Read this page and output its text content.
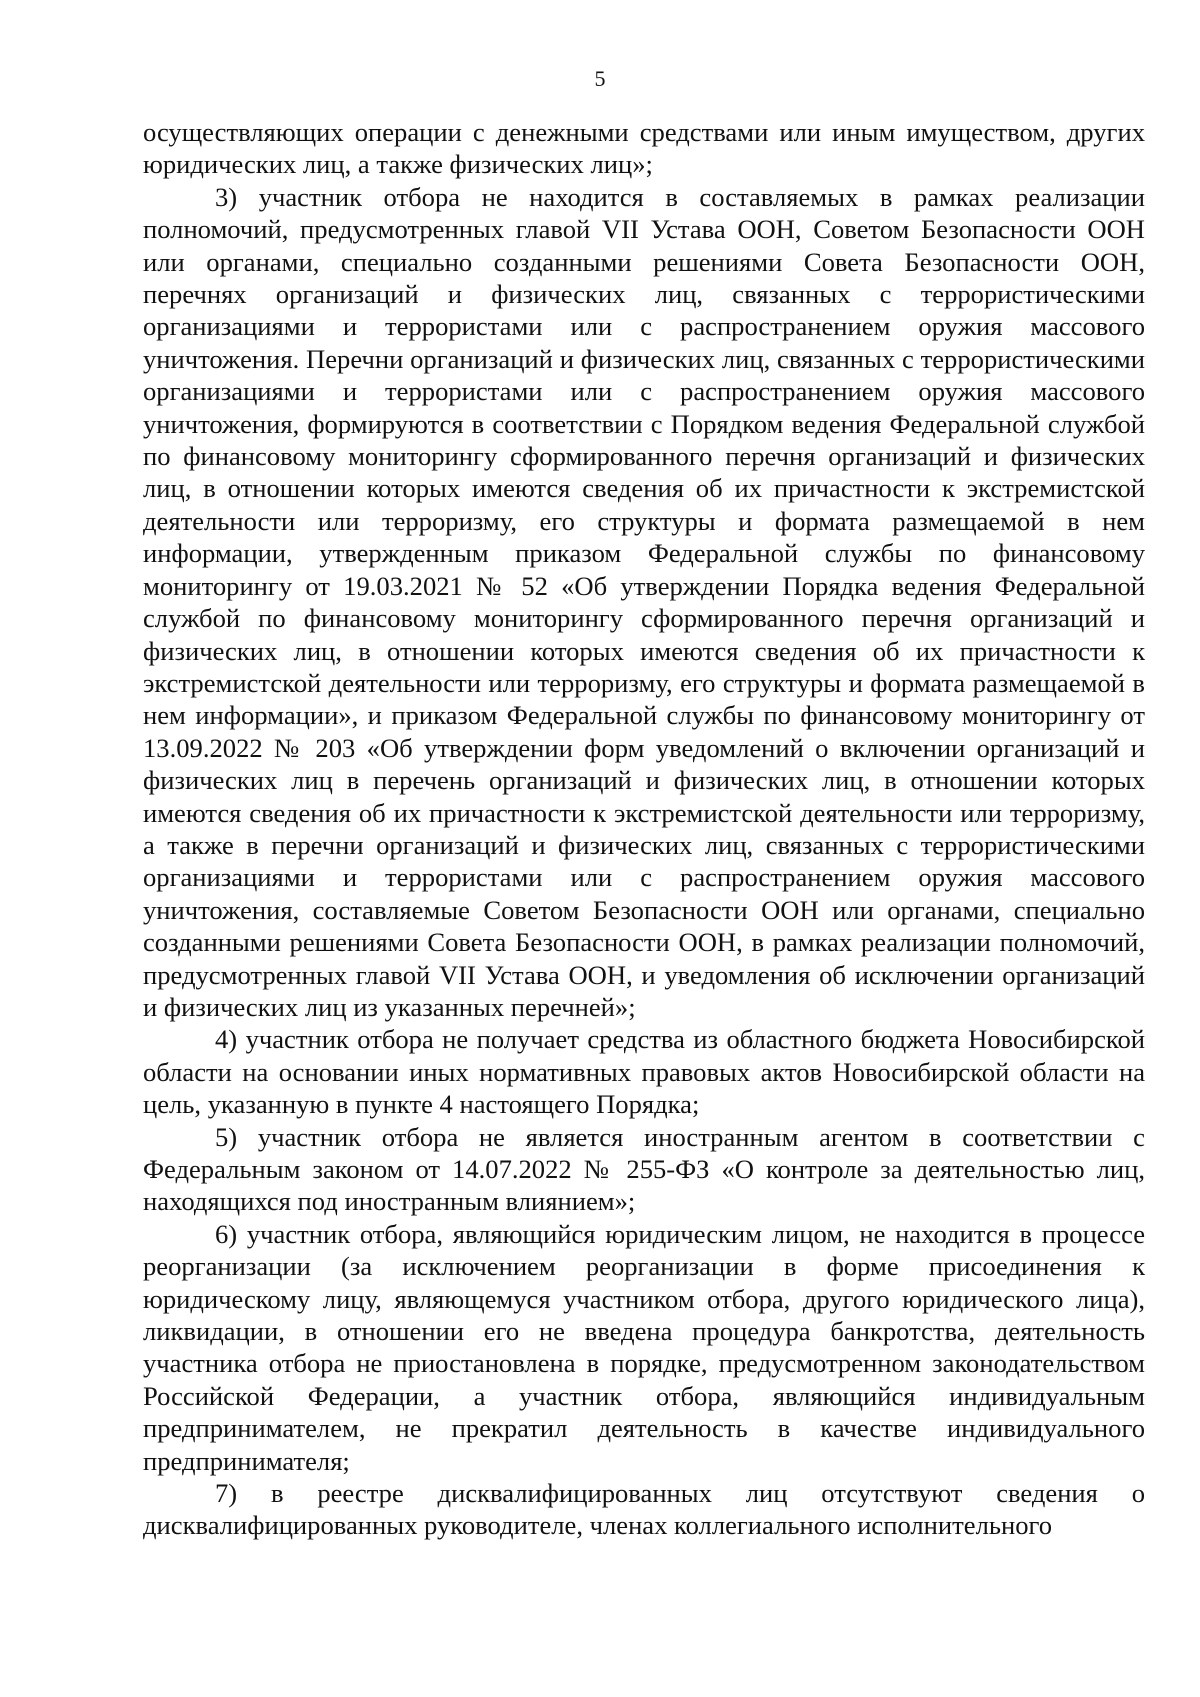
5

осуществляющих операции с денежными средствами или иным имуществом, других юридических лиц, а также физических лиц»;

3) участник отбора не находится в составляемых в рамках реализации полномочий, предусмотренных главой VII Устава ООН, Советом Безопасности ООН или органами, специально созданными решениями Совета Безопасности ООН, перечнях организаций и физических лиц, связанных с террористическими организациями и террористами или с распространением оружия массового уничтожения. Перечни организаций и физических лиц, связанных с террористическими организациями и террористами или с распространением оружия массового уничтожения, формируются в соответствии с Порядком ведения Федеральной службой по финансовому мониторингу сформированного перечня организаций и физических лиц, в отношении которых имеются сведения об их причастности к экстремистской деятельности или терроризму, его структуры и формата размещаемой в нем информации, утвержденным приказом Федеральной службы по финансовому мониторингу от 19.03.2021 № 52 «Об утверждении Порядка ведения Федеральной службой по финансовому мониторингу сформированного перечня организаций и физических лиц, в отношении которых имеются сведения об их причастности к экстремистской деятельности или терроризму, его структуры и формата размещаемой в нем информации», и приказом Федеральной службы по финансовому мониторингу от 13.09.2022 № 203 «Об утверждении форм уведомлений о включении организаций и физических лиц в перечень организаций и физических лиц, в отношении которых имеются сведения об их причастности к экстремистской деятельности или терроризму, а также в перечни организаций и физических лиц, связанных с террористическими организациями и террористами или с распространением оружия массового уничтожения, составляемые Советом Безопасности ООН или органами, специально созданными решениями Совета Безопасности ООН, в рамках реализации полномочий, предусмотренных главой VII Устава ООН, и уведомления об исключении организаций и физических лиц из указанных перечней»;

4) участник отбора не получает средства из областного бюджета Новосибирской области на основании иных нормативных правовых актов Новосибирской области на цель, указанную в пункте 4 настоящего Порядка;

5) участник отбора не является иностранным агентом в соответствии с Федеральным законом от 14.07.2022 № 255-ФЗ «О контроле за деятельностью лиц, находящихся под иностранным влиянием»;

6) участник отбора, являющийся юридическим лицом, не находится в процессе реорганизации (за исключением реорганизации в форме присоединения к юридическому лицу, являющемуся участником отбора, другого юридического лица), ликвидации, в отношении его не введена процедура банкротства, деятельность участника отбора не приостановлена в порядке, предусмотренном законодательством Российской Федерации, а участник отбора, являющийся индивидуальным предпринимателем, не прекратил деятельность в качестве индивидуального предпринимателя;

7) в реестре дисквалифицированных лиц отсутствуют сведения о дисквалифицированных руководителе, членах коллегиального исполнительного
